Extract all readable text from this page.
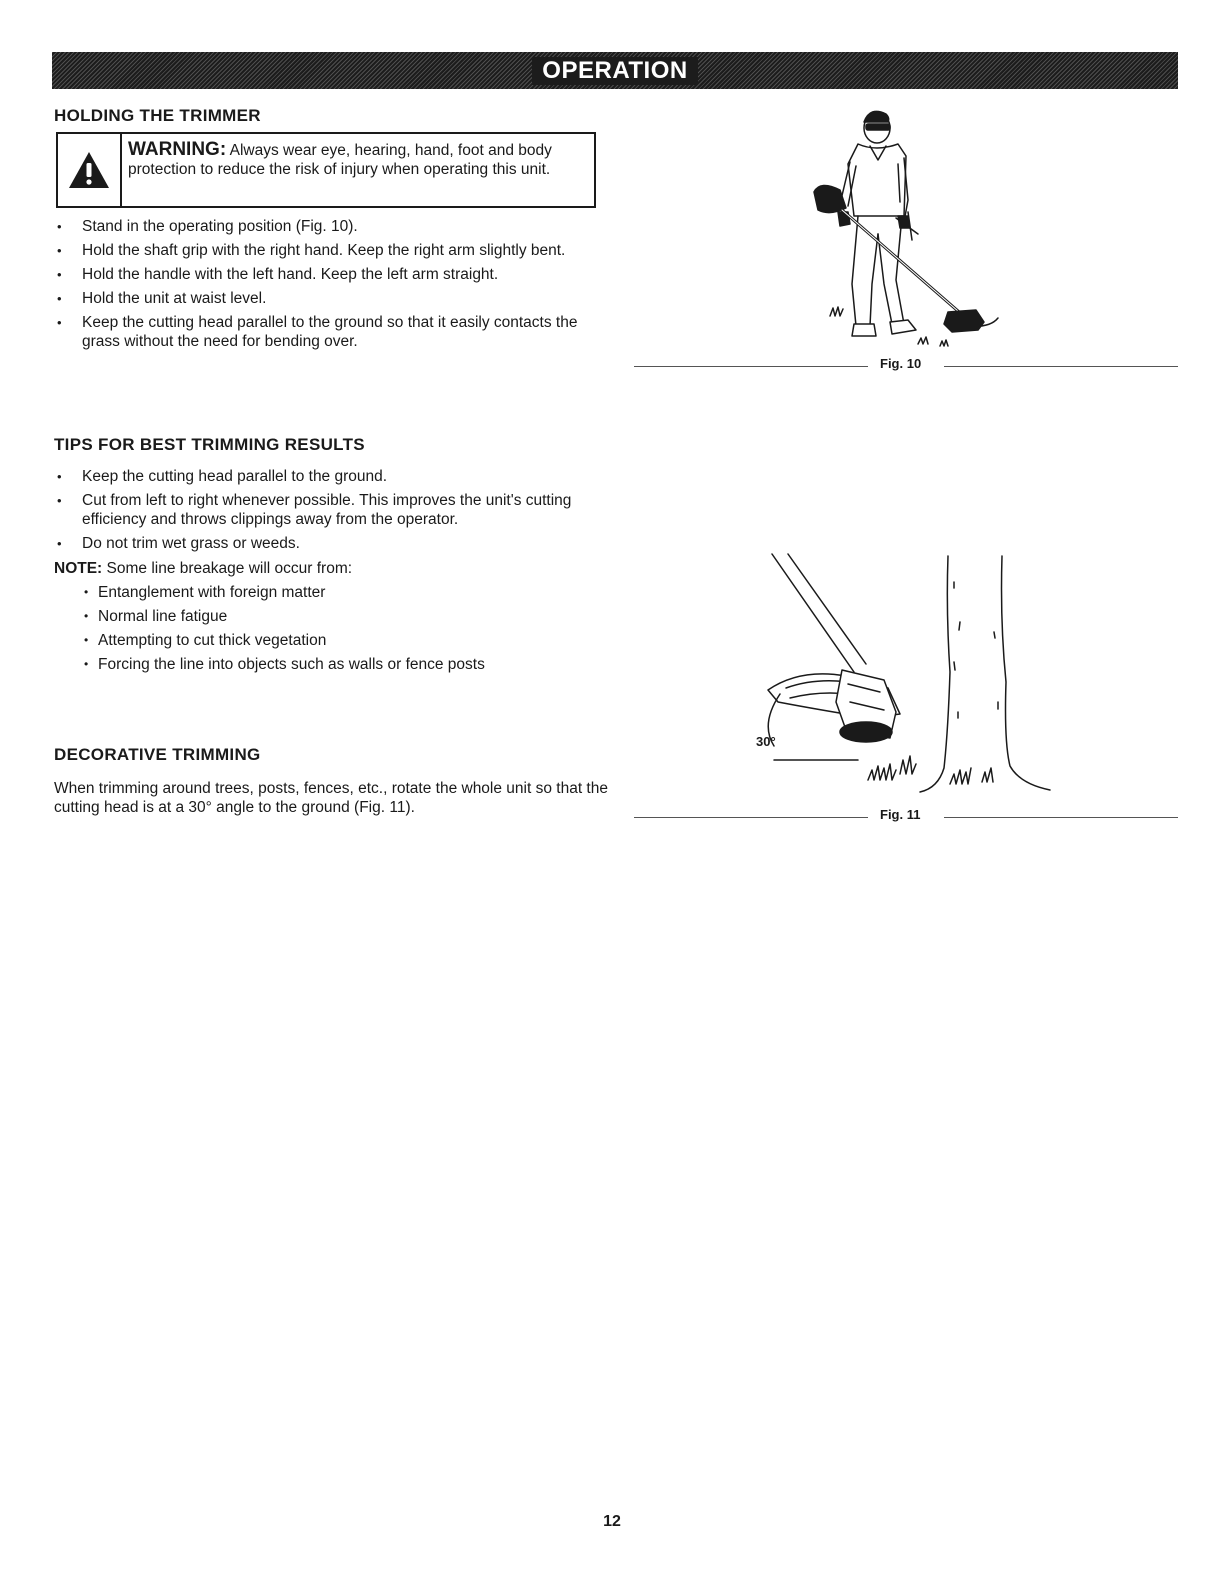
OPERATION
HOLDING THE TRIMMER
WARNING: Always wear eye, hearing, hand, foot and body protection to reduce the risk of injury when operating this unit.
• Stand in the operating position (Fig. 10).
• Hold the shaft grip with the right hand. Keep the right arm slightly bent.
• Hold the handle with the left hand. Keep the left arm straight.
• Hold the unit at waist level.
• Keep the cutting head parallel to the ground so that it easily contacts the grass without the need for bending over.
Fig. 10
TIPS FOR BEST TRIMMING RESULTS
• Keep the cutting head parallel to the ground.
• Cut from left to right whenever possible. This improves the unit's cutting efficiency and throws clippings away from the operator.
• Do not trim wet grass or weeds.
NOTE: Some line breakage will occur from:
• Entanglement with foreign matter
• Normal line fatigue
• Attempting to cut thick vegetation
• Forcing the line into objects such as walls or fence posts
DECORATIVE TRIMMING

When trimming around trees, posts, fences, etc., rotate the whole unit so that the cutting head is at a 30° angle to the ground (Fig. 11).

30°
Fig. 11
12
